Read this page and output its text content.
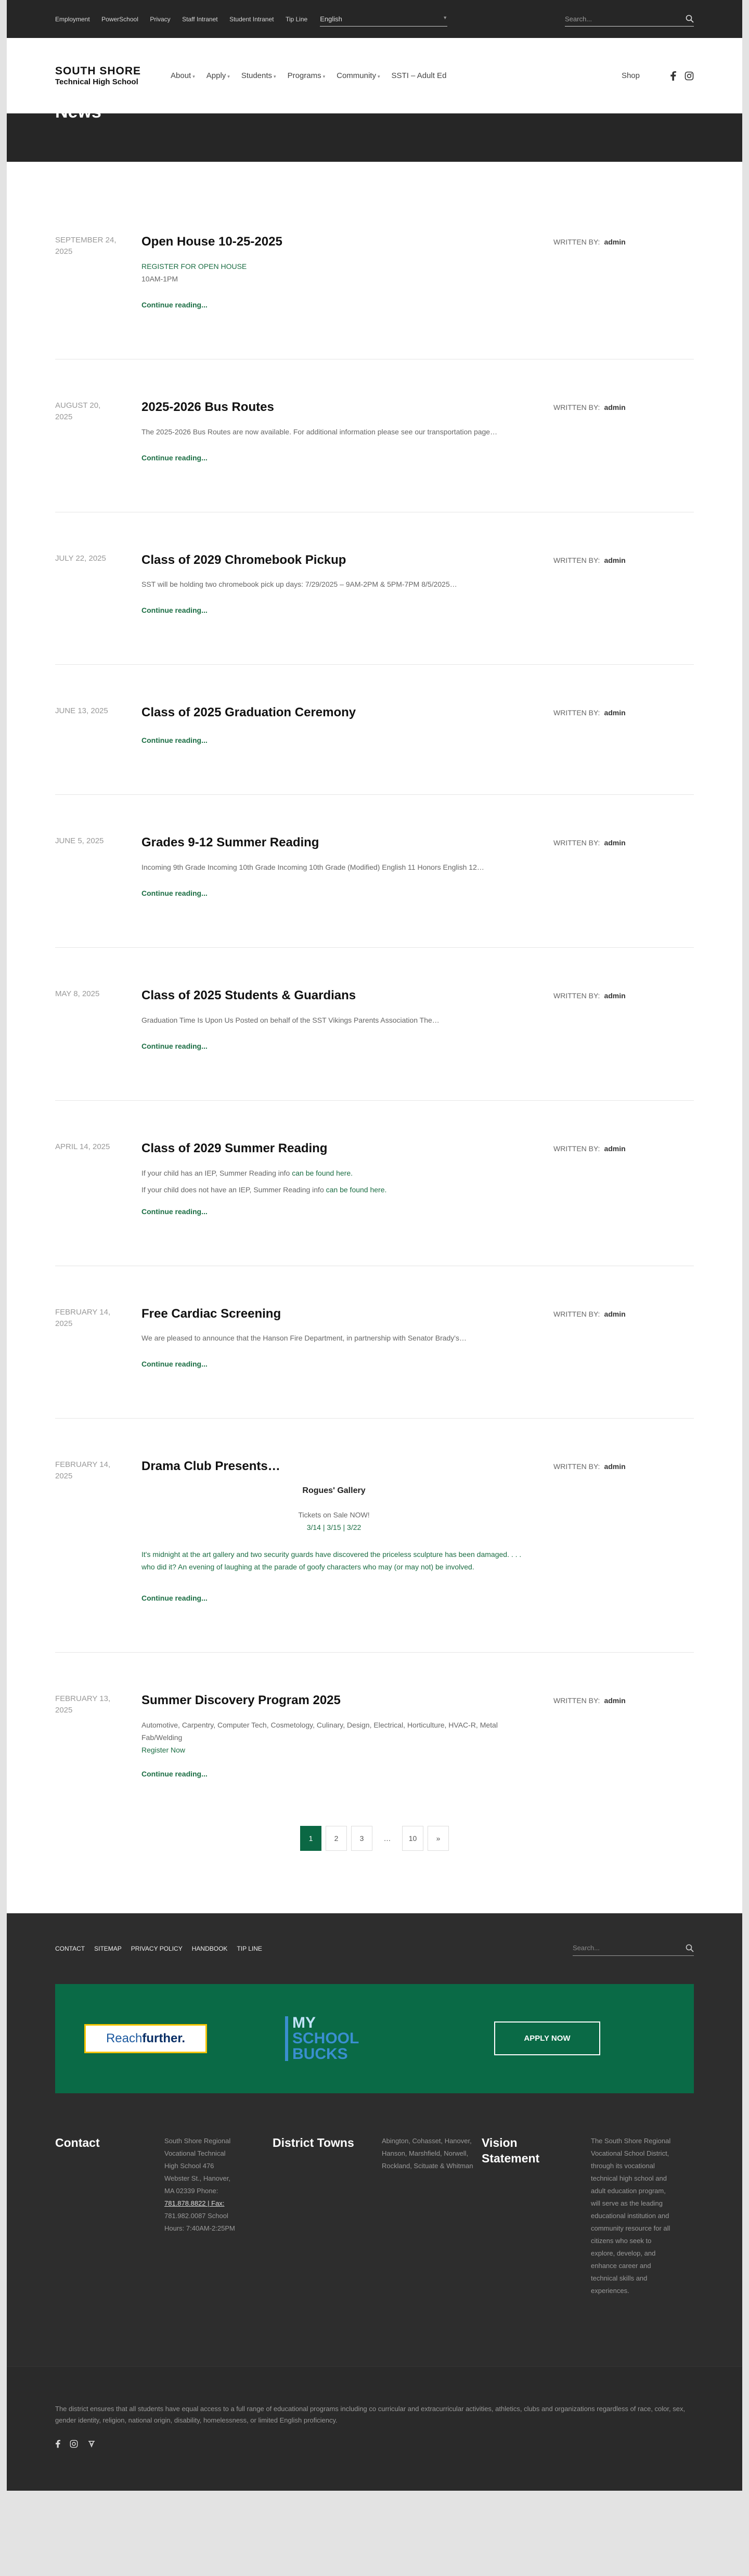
Employment PowerSchool Privacy Staff Intranet Student Intranet Tip Line	English	▼	Search...
SOUTH SHORE
Technical High School
About ▾ Apply ▾ Students ▾ Programs ▾ Community ▾ SSTI – Adult Ed	Shop
News
SEPTEMBER 24, 2025
Open House 10-25-2025
REGISTER FOR OPEN HOUSE
10AM-1PM
Continue reading...
WRITTEN BY: admin
AUGUST 20, 2025
2025-2026 Bus Routes
The 2025-2026 Bus Routes are now available. For additional information please see our transportation page…
Continue reading...
WRITTEN BY: admin
JULY 22, 2025	Class of 2029 Chromebook Pickup
SST will be holding two chromebook pick up days: 7/29/2025 – 9AM-2PM & 5PM-7PM 8/5/2025…
Continue reading...
WRITTEN BY: admin
JUNE 13, 2025	Class of 2025 Graduation Ceremony
Continue reading...
WRITTEN BY: admin
JUNE 5, 2025	Grades 9-12 Summer Reading
Incoming 9th Grade Incoming 10th Grade Incoming 10th Grade (Modified) English 11 Honors English 12…
Continue reading...
WRITTEN BY: admin
MAY 8, 2025	Class of 2025 Students & Guardians
Graduation Time Is Upon Us Posted on behalf of the SST Vikings Parents Association The…
Continue reading...
WRITTEN BY: admin
APRIL 14, 2025	Class of 2029 Summer Reading

If your child has an IEP, Summer Reading info can be found here.

If your child does not have an IEP, Summer Reading info can be found here.

Continue reading...
WRITTEN BY: admin
FEBRUARY 14, 2025
Free Cardiac Screening
We are pleased to announce that the Hanson Fire Department, in partnership with Senator Brady's…
Continue reading...
WRITTEN BY: admin
FEBRUARY 14, 2025
Drama Club Presents…
Rogues' Gallery
Tickets on Sale NOW!
3/14 | 3/15 | 3/22
It's midnight at the art gallery and two security guards have discovered the priceless sculpture has been damaged. . . . who did it? An evening of laughing at the parade of goofy characters who may (or may not) be involved.
Continue reading...
WRITTEN BY: admin
FEBRUARY 13, 2025
Summer Discovery Program 2025
Automotive, Carpentry, Computer Tech, Cosmetology, Culinary, Design, Electrical, Horticulture, HVAC-R, Metal Fab/Welding
Register Now
Continue reading...
WRITTEN BY: admin
1	2	3	…	10	»
CONTACT SITEMAP PRIVACY POLICY HANDBOOK TIP LINE	Search...
Reach further.
MY
SCHOOL
BUCKS
APPLY NOW
Contact	South Shore Regional
Vocational Technical
High School 476
Webster St., Hanover,
MA 02339 Phone:
781.878.8822 | Fax:
781.982.0087 School
Hours: 7:40AM-2:25PM
District Towns	Abington, Cohasset, Hanover, Hanson, Marshfield, Norwell, Rockland, Scituate & Whitman
Vision Statement
The South Shore Regional Vocational School District, through its vocational technical high school and adult education program, will serve as the leading educational institution and community resource for all citizens who seek to explore, develop, and enhance career and technical skills and experiences.
The district ensures that all students have equal access to a full range of educational programs including co curricular and extracurricular activities, athletics, clubs and organizations regardless of race, color, sex, gender identity, religion, national origin, disability, homelessness, or limited English proficiency.
